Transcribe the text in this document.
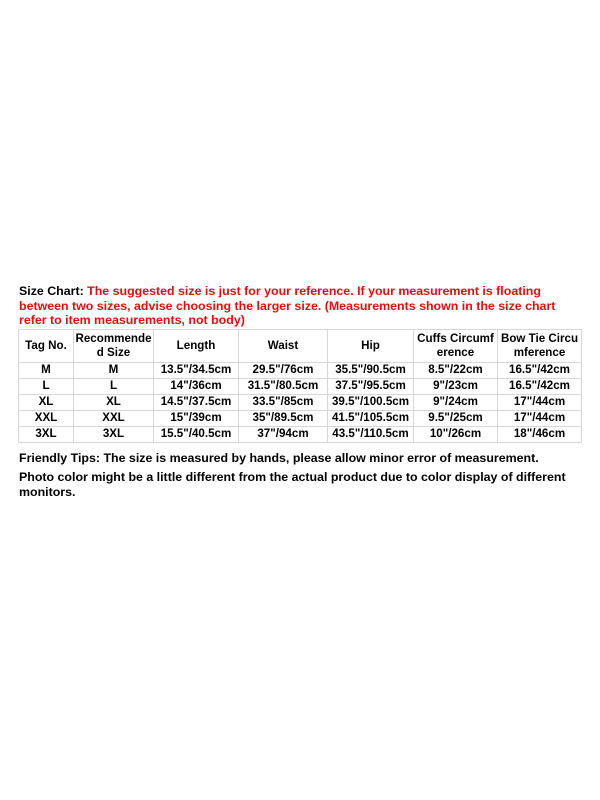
Size Chart: The suggested size is just for your reference. If your measurement is floating between two sizes, advise choosing the larger size. (Measurements shown in the size chart refer to item measurements, not body)

Tag No.	Recommended Size	Length	Waist	Hip	Cuffs Circumference	Bow Tie Circumference
M	M	13.5"/34.5cm	29.5"/76cm	35.5"/90.5cm	8.5"/22cm	16.5"/42cm
L	L	14"/36cm	31.5"/80.5cm	37.5"/95.5cm	9"/23cm	16.5"/42cm
XL	XL	14.5"/37.5cm	33.5"/85cm	39.5"/100.5cm	9"/24cm	17"/44cm
XXL	XXL	15"/39cm	35"/89.5cm	41.5"/105.5cm	9.5"/25cm	17"/44cm
3XL	3XL	15.5"/40.5cm	37"/94cm	43.5"/110.5cm	10"/26cm	18"/46cm

Friendly Tips: The size is measured by hands, please allow minor error of measurement.

Photo color might be a little different from the actual product due to color display of different monitors.
